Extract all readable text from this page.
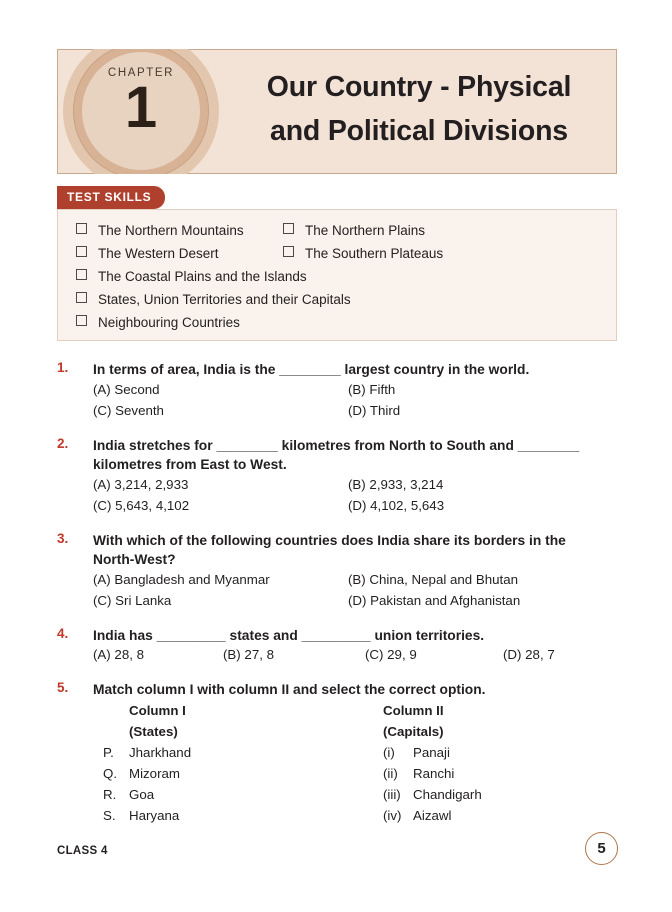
CHAPTER
1	Our Country - Physical
and Political Divisions
TEST SKILLS
The Northern Mountains	The Northern Plains
The Western Desert	The Southern Plateaus
The Coastal Plains and the Islands
States, Union Territories and their Capitals
Neighbouring Countries
1.	In terms of area, India is the ________ largest country in the world.
(A) Second	(B) Fifth
(C) Seventh	(D) Third
2.	India stretches for ________ kilometres from North to South and ________
kilometres from East to West.
(A) 3,214, 2,933	(B) 2,933, 3,214
(C) 5,643, 4,102	(D) 4,102, 5,643
3.	With which of the following countries does India share its borders in the
North-West?
(A) Bangladesh and Myanmar	(B) China, Nepal and Bhutan
(C) Sri Lanka	(D) Pakistan and Afghanistan
4.	India has _________ states and _________ union territories.
(A) 28, 8	(B) 27, 8	(C) 29, 9	(D) 28, 7
5.	Match column I with column II and select the correct option.
Column I	Column II
(States)	(Capitals)
P. Jharkhand	(i) Panaji
Q. Mizoram	(ii) Ranchi
R. Goa	(iii) Chandigarh
S. Haryana	(iv) Aizawl
CLASS 4	5
